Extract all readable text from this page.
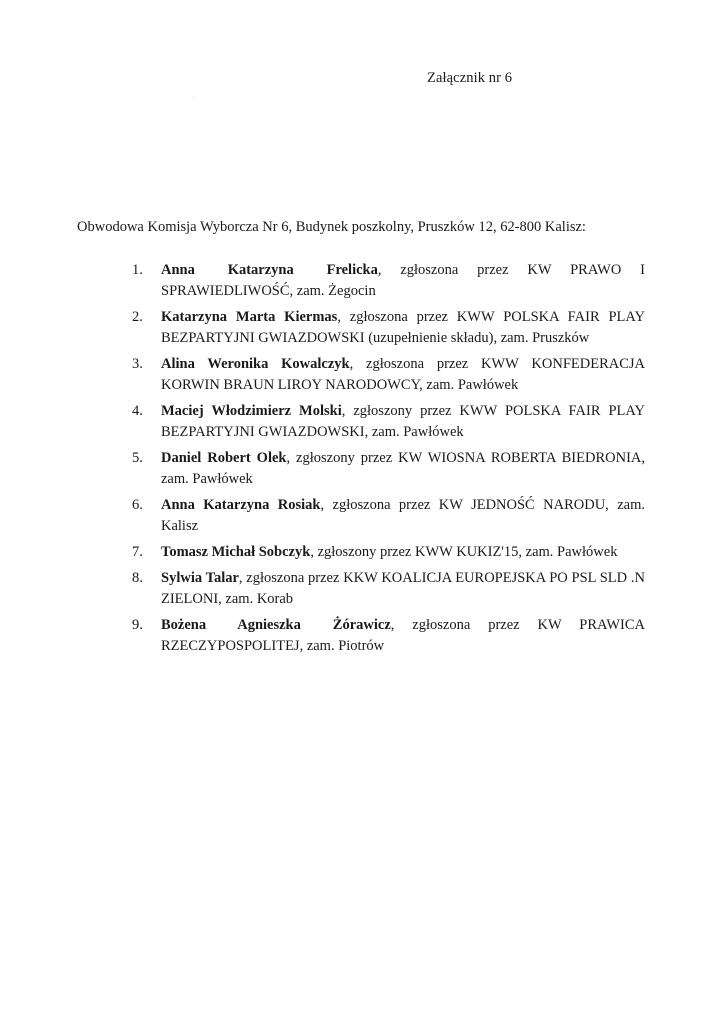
Załącznik nr 6
Obwodowa Komisja Wyborcza Nr 6, Budynek poszkolny, Pruszków 12, 62-800 Kalisz:
1.	Anna Katarzyna Frelicka, zgłoszona przez KW PRAWO I
SPRAWIEDLIWOŚĆ, zam. Żegocin
2.	Katarzyna Marta Kiermas, zgłoszona przez KWW POLSKA FAIR PLAY BEZPARTYJNI GWIAZDOWSKI (uzupełnienie składu), zam. Pruszków
3.	Alina Weronika Kowalczyk, zgłoszona przez KWW KONFEDERACJA KORWIN BRAUN LIROY NARODOWCY, zam. Pawłówek
4.	Maciej Włodzimierz Molski, zgłoszony przez KWW POLSKA FAIR PLAY BEZPARTYJNI GWIAZDOWSKI, zam. Pawłówek
5.	Daniel Robert Olek, zgłoszony przez KW WIOSNA ROBERTA BIEDRONIA, zam. Pawłówek
6.	Anna Katarzyna Rosiak, zgłoszona przez KW JEDNOŚĆ NARODU, zam. Kalisz
7.	Tomasz Michał Sobczyk, zgłoszony przez KWW KUKIZ'15, zam. Pawłówek
8.	Sylwia Talar, zgłoszona przez KKW KOALICJA EUROPEJSKA PO PSL SLD .N ZIELONI, zam. Korab
9.	Bożena Agnieszka Żórawicz, zgłoszona przez KW PRAWICA
RZECZYPOSPOLITEJ, zam. Piotrów
